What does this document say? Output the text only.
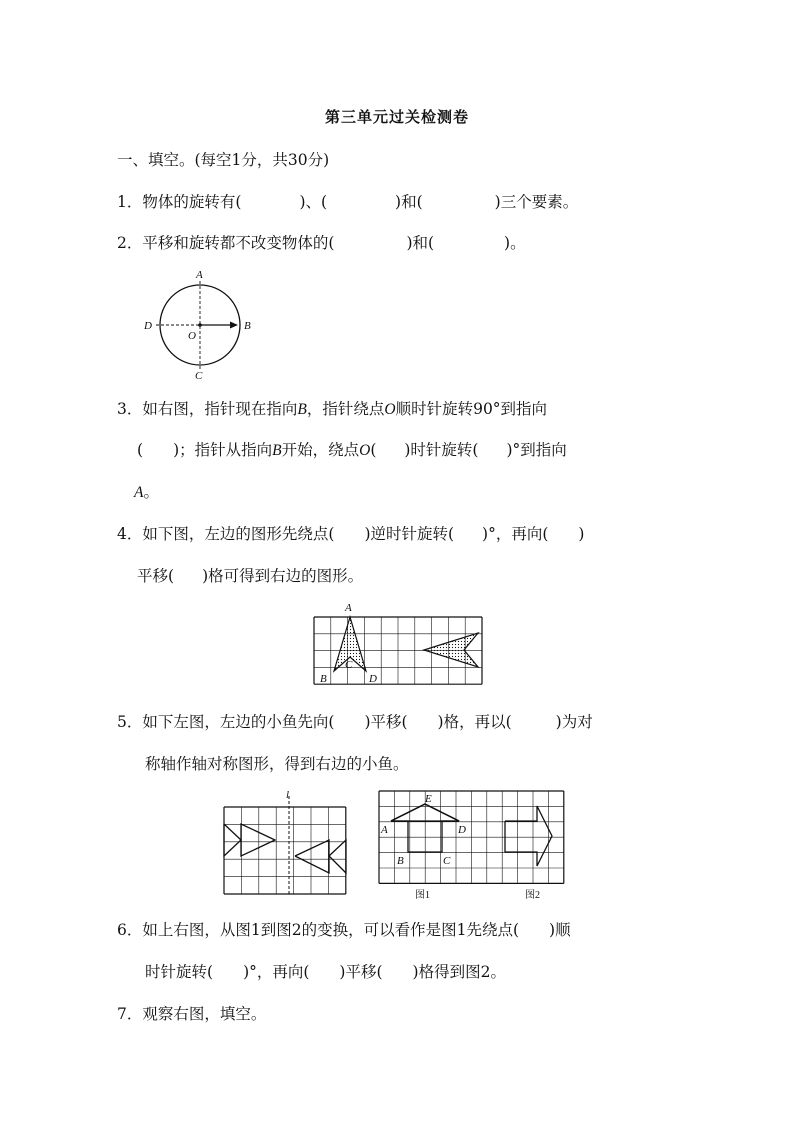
第三单元过关检测卷
一、填空。(每空1分，共30分)
1．物体的旋转有(	)、(	)和(	)三个要素。
2．平移和旋转都不改变物体的(	)和(	)。
A
B
C
D
O
3．如右图，指针现在指向B，指针绕点O顺时针旋转90°到指向
( )；指针从指向B开始，绕点O( )时针旋转( )°到指向
A。
4．如下图，左边的图形先绕点( )逆时针旋转( )°，再向( )
平移( )格可得到右边的图形。
A
B
C
D
5．如下左图，左边的小鱼先向( )平移( )格，再以(	)为对
称轴作轴对称图形，得到右边的小鱼。
l	E
A	D
B	C
图1	图2
6．如上右图，从图1到图2的变换，可以看作是图1先绕点( )顺
时针旋转( )°，再向( )平移( )格得到图2。
7．观察右图，填空。
